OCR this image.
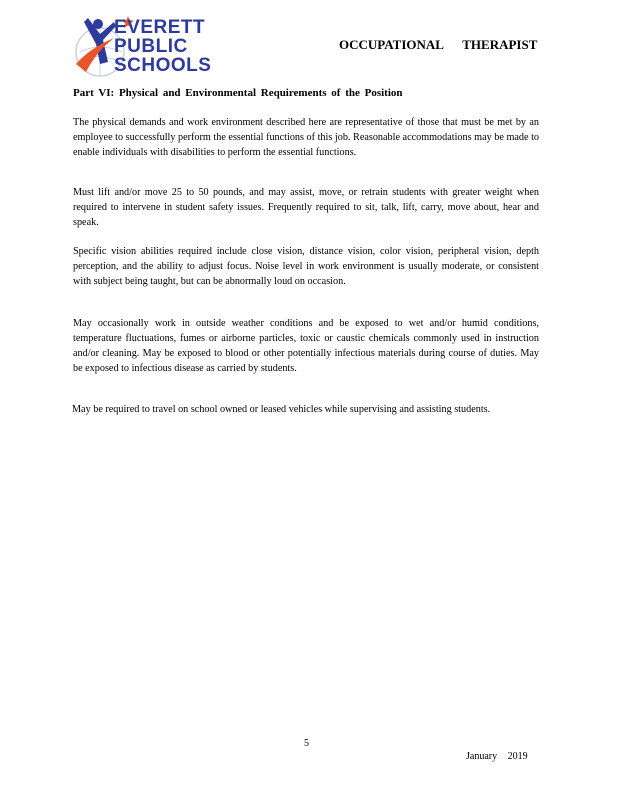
EVERETT
PUBLIC
SCHOOLS
OCCUPATIONAL THERAPIST
Part VI: Physical and Environmental Requirements of the Position

The physical demands and work environment described here are representative of those that must be met by an employee to successfully perform the essential functions of this job. Reasonable accommodations may be made to enable individuals with disabilities to perform the essential functions.

Must lift and/or move 25 to 50 pounds, and may assist, move, or retrain students with greater weight when required to intervene in student safety issues. Frequently required to sit, talk, lift, carry, move about, hear and speak.

Specific vision abilities required include close vision, distance vision, color vision, peripheral vision, depth perception, and the ability to adjust focus. Noise level in work environment is usually moderate, or consistent with subject being taught, but can be abnormally loud on occasion.

May occasionally work in outside weather conditions and be exposed to wet and/or humid conditions, temperature fluctuations, fumes or airborne particles, toxic or caustic chemicals commonly used in instruction and/or cleaning. May be exposed to blood or other potentially infectious materials during course of duties. May be exposed to infectious disease as carried by students.

May be required to travel on school owned or leased vehicles while supervising and assisting students.

5
January 2019
